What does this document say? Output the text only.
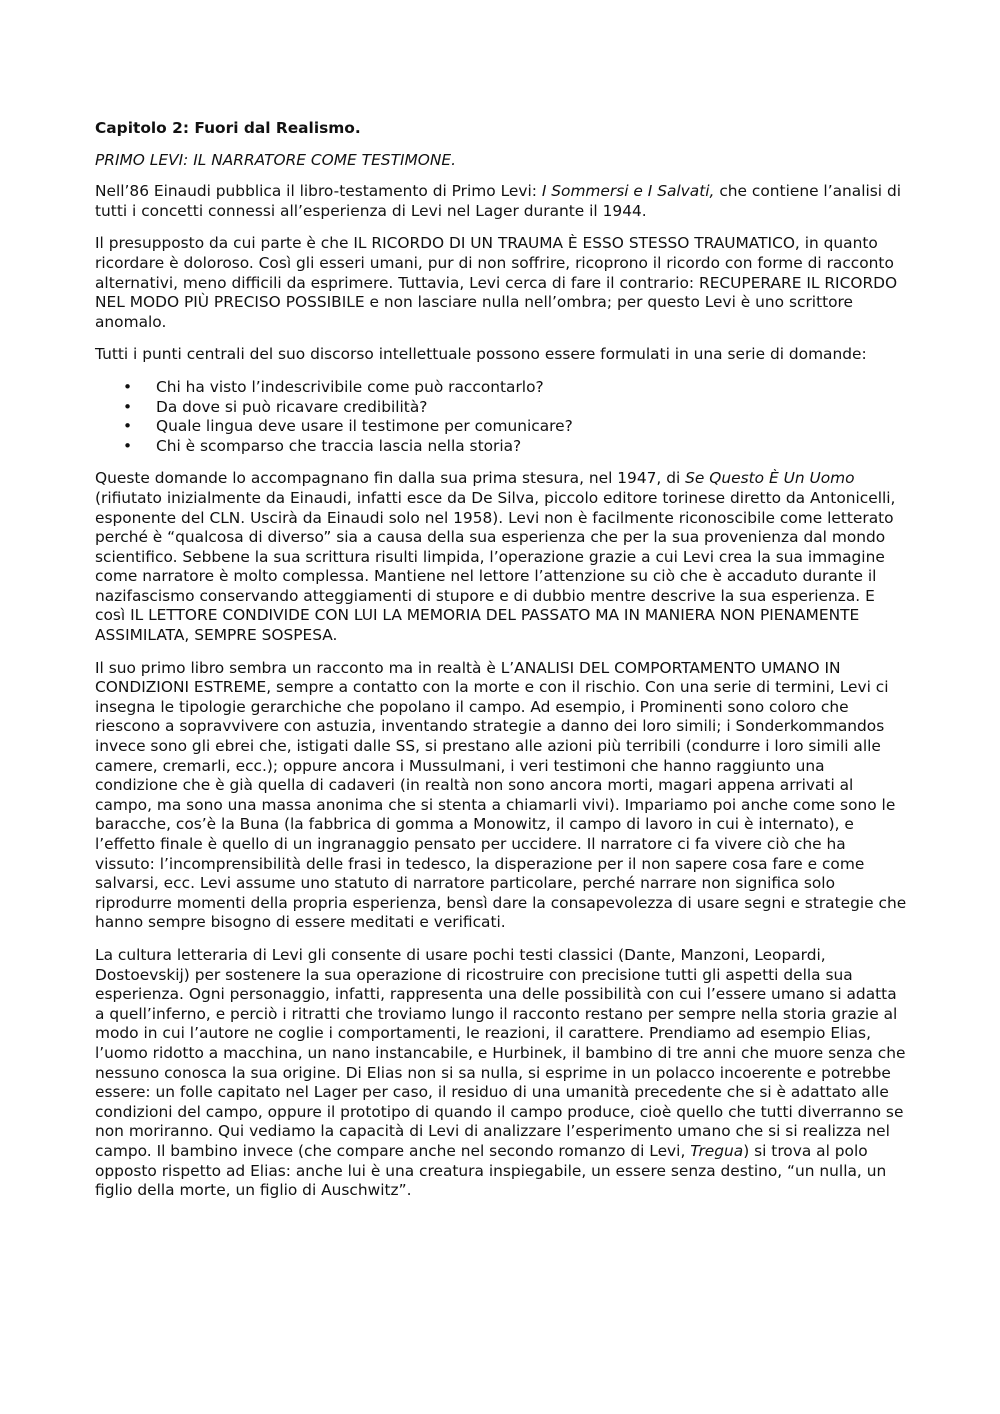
Capitolo 2: Fuori dal Realismo.

PRIMO LEVI: IL NARRATORE COME TESTIMONE.

Nell’86 Einaudi pubblica il libro-testamento di Primo Levi: I Sommersi e I Salvati, che contiene l’analisi di tutti i concetti connessi all’esperienza di Levi nel Lager durante il 1944.

Il presupposto da cui parte è che IL RICORDO DI UN TRAUMA È ESSO STESSO TRAUMATICO, in quanto ricordare è doloroso. Così gli esseri umani, pur di non soffrire, ricoprono il ricordo con forme di racconto alternativi, meno difficili da esprimere. Tuttavia, Levi cerca di fare il contrario: RECUPERARE IL RICORDO NEL MODO PIÙ PRECISO POSSIBILE e non lasciare nulla nell’ombra; per questo Levi è uno scrittore anomalo.

Tutti i punti centrali del suo discorso intellettuale possono essere formulati in una serie di domande:

• Chi ha visto l’indescrivibile come può raccontarlo?
• Da dove si può ricavare credibilità?
• Quale lingua deve usare il testimone per comunicare?
• Chi è scomparso che traccia lascia nella storia?

Queste domande lo accompagnano fin dalla sua prima stesura, nel 1947, di Se Questo È Un Uomo (rifiutato inizialmente da Einaudi, infatti esce da De Silva, piccolo editore torinese diretto da Antonicelli, esponente del CLN. Uscirà da Einaudi solo nel 1958). Levi non è facilmente riconoscibile come letterato perché è “qualcosa di diverso” sia a causa della sua esperienza che per la sua provenienza dal mondo scientifico. Sebbene la sua scrittura risulti limpida, l’operazione grazie a cui Levi crea la sua immagine come narratore è molto complessa. Mantiene nel lettore l’attenzione su ciò che è accaduto durante il nazifascismo conservando atteggiamenti di stupore e di dubbio mentre descrive la sua esperienza. E così IL LETTORE CONDIVIDE CON LUI LA MEMORIA DEL PASSATO MA IN MANIERA NON PIENAMENTE ASSIMILATA, SEMPRE SOSPESA.

Il suo primo libro sembra un racconto ma in realtà è L’ANALISI DEL COMPORTAMENTO UMANO IN CONDIZIONI ESTREME, sempre a contatto con la morte e con il rischio. Con una serie di termini, Levi ci insegna le tipologie gerarchiche che popolano il campo. Ad esempio, i Prominenti sono coloro che riescono a sopravvivere con astuzia, inventando strategie a danno dei loro simili; i Sonderkommandos invece sono gli ebrei che, istigati dalle SS, si prestano alle azioni più terribili (condurre i loro simili alle camere, cremarli, ecc.); oppure ancora i Mussulmani, i veri testimoni che hanno raggiunto una condizione che è già quella di cadaveri (in realtà non sono ancora morti, magari appena arrivati al campo, ma sono una massa anonima che si stenta a chiamarli vivi). Impariamo poi anche come sono le baracche, cos’è la Buna (la fabbrica di gomma a Monowitz, il campo di lavoro in cui è internato), e l’effetto finale è quello di un ingranaggio pensato per uccidere. Il narratore ci fa vivere ciò che ha vissuto: l’incomprensibilità delle frasi in tedesco, la disperazione per il non sapere cosa fare e come salvarsi, ecc. Levi assume uno statuto di narratore particolare, perché narrare non significa solo riprodurre momenti della propria esperienza, bensì dare la consapevolezza di usare segni e strategie che hanno sempre bisogno di essere meditati e verificati.

La cultura letteraria di Levi gli consente di usare pochi testi classici (Dante, Manzoni, Leopardi, Dostoevskij) per sostenere la sua operazione di ricostruire con precisione tutti gli aspetti della sua esperienza. Ogni personaggio, infatti, rappresenta una delle possibilità con cui l’essere umano si adatta a quell’inferno, e perciò i ritratti che troviamo lungo il racconto restano per sempre nella storia grazie al modo in cui l’autore ne coglie i comportamenti, le reazioni, il carattere. Prendiamo ad esempio Elias, l’uomo ridotto a macchina, un nano instancabile, e Hurbinek, il bambino di tre anni che muore senza che nessuno conosca la sua origine. Di Elias non si sa nulla, si esprime in un polacco incoerente e potrebbe essere: un folle capitato nel Lager per caso, il residuo di una umanità precedente che si è adattato alle condizioni del campo, oppure il prototipo di quando il campo produce, cioè quello che tutti diverranno se non moriranno. Qui vediamo la capacità di Levi di analizzare l’esperimento umano che si si realizza nel campo. Il bambino invece (che compare anche nel secondo romanzo di Levi, Tregua) si trova al polo opposto rispetto ad Elias: anche lui è una creatura inspiegabile, un essere senza destino, “un nulla, un figlio della morte, un figlio di Auschwitz”.
